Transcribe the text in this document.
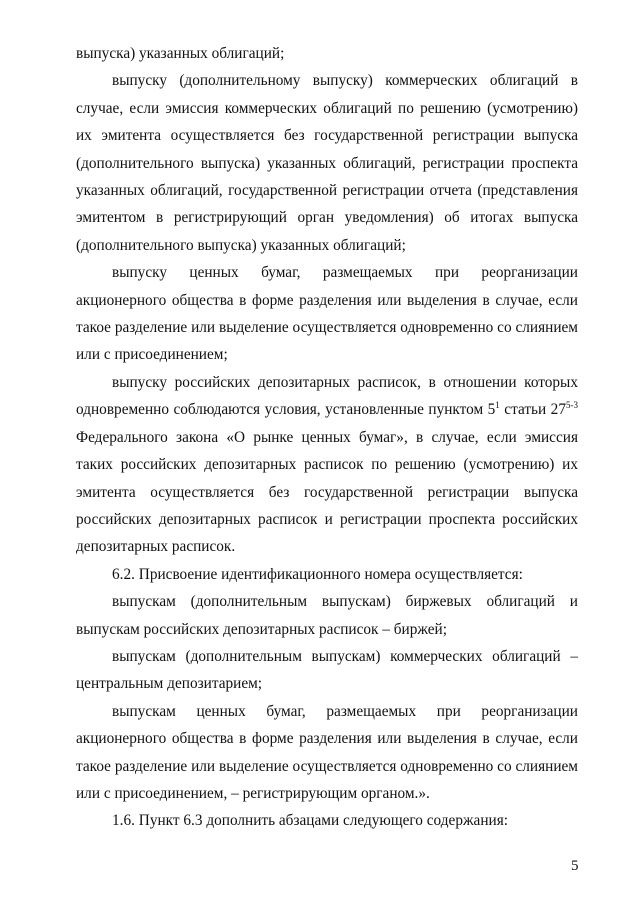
выпуска) указанных облигаций;

выпуску (дополнительному выпуску) коммерческих облигаций в случае, если эмиссия коммерческих облигаций по решению (усмотрению) их эмитента осуществляется без государственной регистрации выпуска (дополнительного выпуска) указанных облигаций, регистрации проспекта указанных облигаций, государственной регистрации отчета (представления эмитентом в регистрирующий орган уведомления) об итогах выпуска (дополнительного выпуска) указанных облигаций;

выпуску ценных бумаг, размещаемых при реорганизации акционерного общества в форме разделения или выделения в случае, если такое разделение или выделение осуществляется одновременно со слиянием или с присоединением;

выпуску российских депозитарных расписок, в отношении которых одновременно соблюдаются условия, установленные пунктом $5^1$ статьи 27$^{5-3}$ Федерального закона «О рынке ценных бумаг», в случае, если эмиссия таких российских депозитарных расписок по решению (усмотрению) их эмитента осуществляется без государственной регистрации выпуска российских депозитарных расписок и регистрации проспекта российских депозитарных расписок.

6.2. Присвоение идентификационного номера осуществляется:

выпускам (дополнительным выпускам) биржевых облигаций и выпускам российских депозитарных расписок – биржей;

выпускам (дополнительным выпускам) коммерческих облигаций – центральным депозитарием;

выпускам ценных бумаг, размещаемых при реорганизации акционерного общества в форме разделения или выделения в случае, если такое разделение или выделение осуществляется одновременно со слиянием или с присоединением, – регистрирующим органом.».

1.6. Пункт 6.3 дополнить абзацами следующего содержания:

5
